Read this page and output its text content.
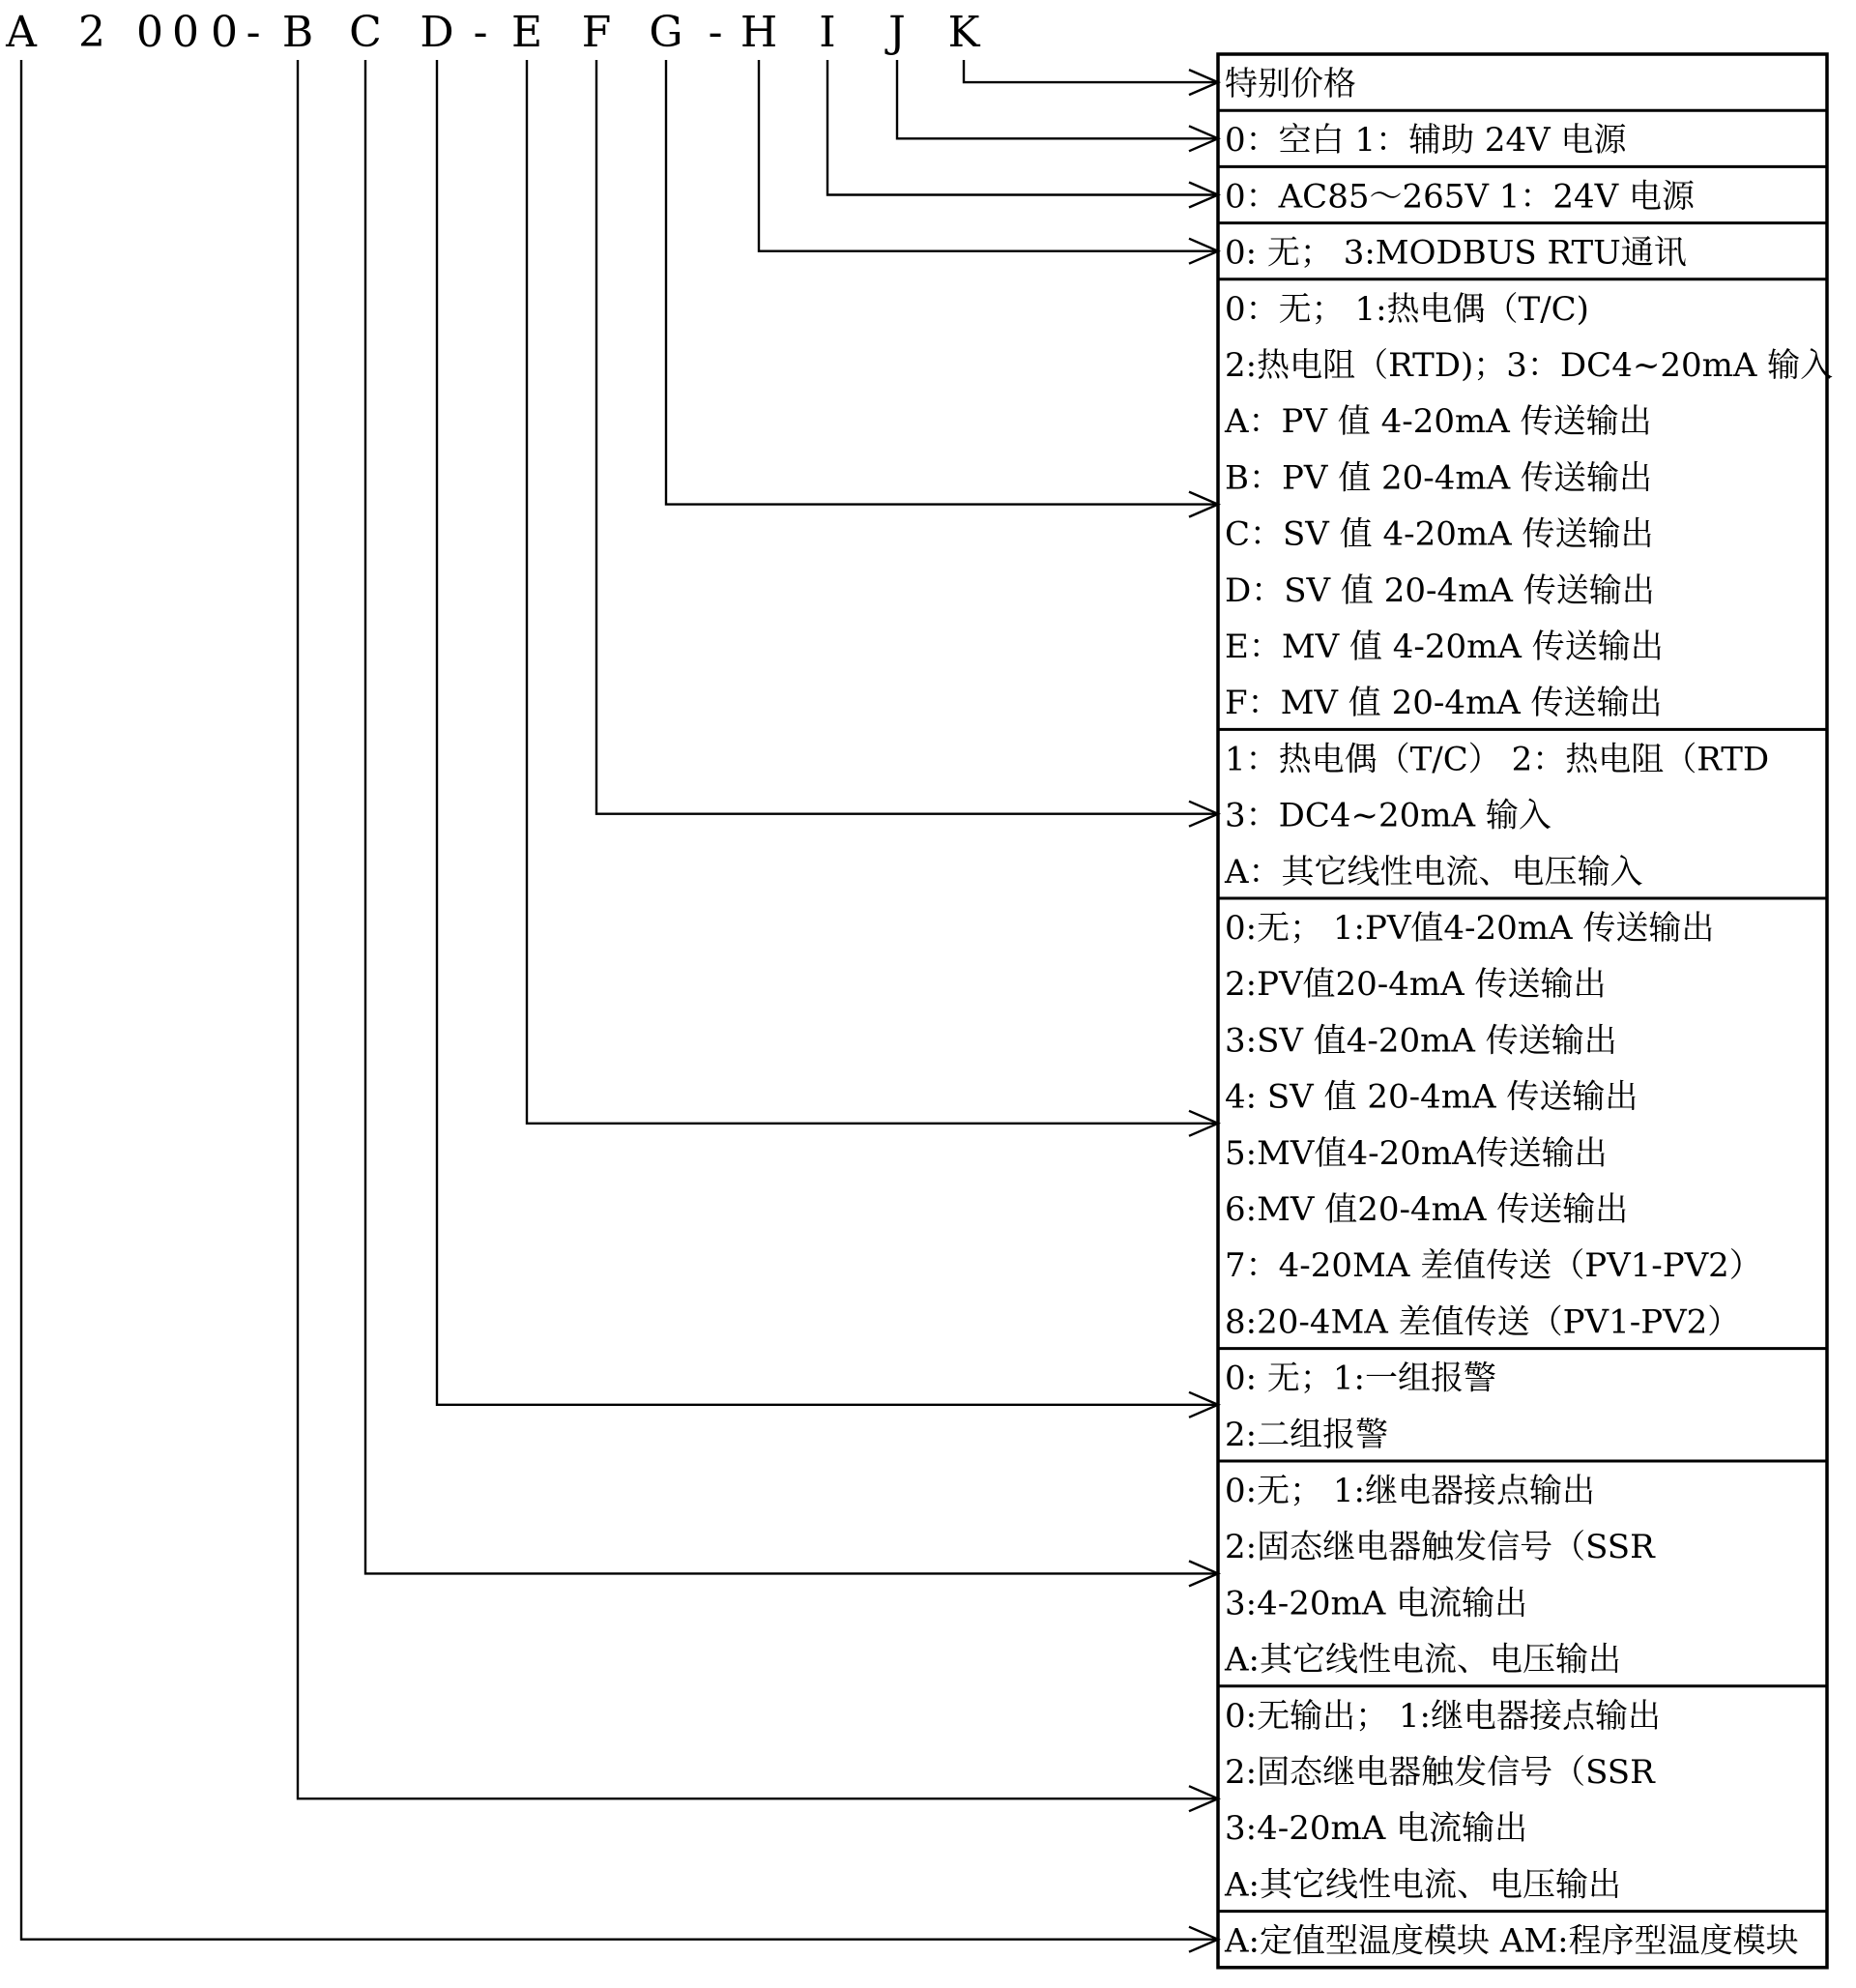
A 2 0 0 0 - B C D - E F G - H I J K
特别价格
0：空白 1：辅助 24V 电源
0：AC85～265V 1：24V 电源
0: 无； 3:MODBUS RTU通讯
0：无； 1:热电偶（T/C)
2:热电阻（RTD)；3：DC4~20mA 输入
A：PV 值 4-20mA 传送输出
B：PV 值 20-4mA 传送输出
C：SV 值 4-20mA 传送输出
D：SV 值 20-4mA 传送输出
E：MV 值 4-20mA 传送输出
F：MV 值 20-4mA 传送输出
1：热电偶（T/C） 2：热电阻（RTD
3：DC4~20mA 输入
A：其它线性电流、电压输入
0:无； 1:PV值4-20mA 传送输出
2:PV值20-4mA 传送输出
3:SV 值4-20mA 传送输出
4: SV 值 20-4mA 传送输出
5:MV值4-20mA传送输出
6:MV 值20-4mA 传送输出
7：4-20MA 差值传送（PV1-PV2）
8:20-4MA 差值传送（PV1-PV2）
0: 无；1:一组报警
2:二组报警
0:无； 1:继电器接点输出
2:固态继电器触发信号（SSR
3:4-20mA 电流输出
A:其它线性电流、电压输出
0:无输出； 1:继电器接点输出
2:固态继电器触发信号（SSR
3:4-20mA 电流输出
A:其它线性电流、电压输出
A:定值型温度模块 AM:程序型温度模块
